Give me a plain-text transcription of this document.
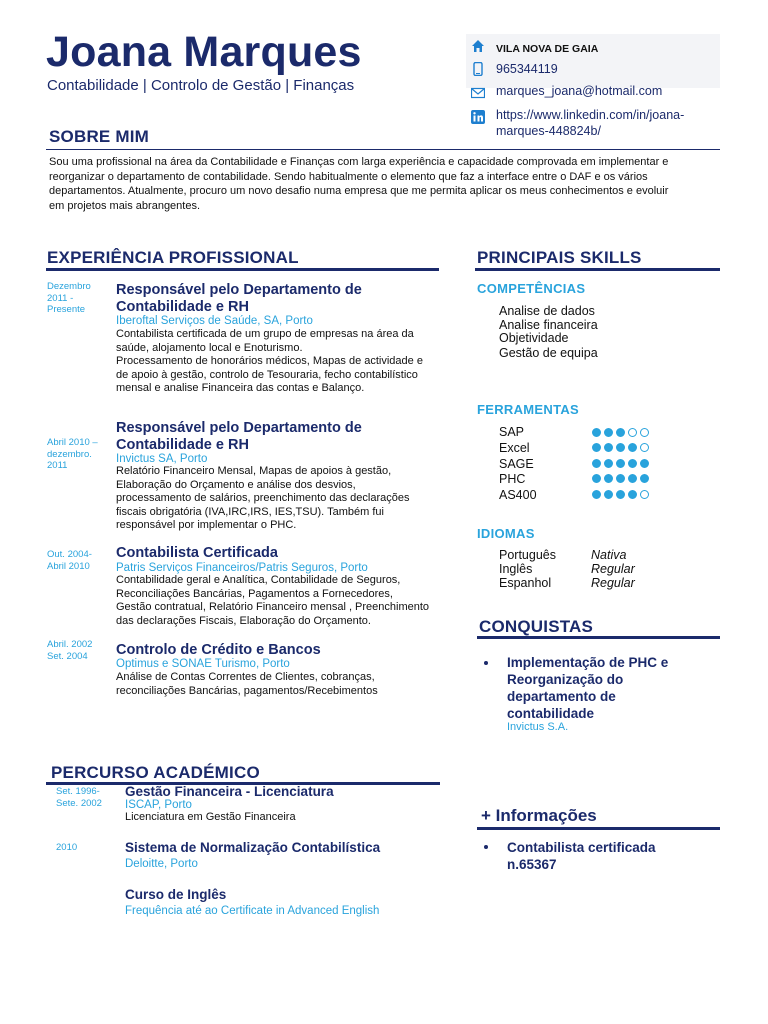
Joana Marques
Contabilidade | Controlo de Gestão | Finanças
VILA NOVA DE GAIA
965344119
marques_joana@hotmail.com
https://www.linkedin.com/in/joana-
marques-448824b/
SOBRE MIM
Sou uma profissional na área da Contabilidade e Finanças com larga experiência e capacidade comprovada em implementar e
reorganizar o departamento de contabilidade. Sendo habitualmente o elemento que faz a interface entre o DAF e os vários
departamentos. Atualmente, procuro um novo desafio numa empresa que me permita aplicar os meus conhecimentos e evoluir
em projetos mais abrangentes.
EXPERIÊNCIA PROFISSIONAL
Dezembro
2011 -
Presente
Responsável pelo Departamento de
Contabilidade e RH
Iberoftal Serviços de Saúde, SA, Porto
Contabilista certificada de um grupo de empresas na área da
saúde, alojamento local e Enoturismo.
Processamento de honorários médicos, Mapas de actividade e
de apoio à gestão, controlo de Tesouraria, fecho contabilístico
mensal e analise Financeira das contas e Balanço.
Abril 2010 –
dezembro.
2011
Responsável pelo Departamento de
Contabilidade e RH
Invictus SA, Porto
Relatório Financeiro Mensal, Mapas de apoios à gestão,
Elaboração do Orçamento e análise dos desvios,
processamento de salários, preenchimento das declarações
fiscais obrigatória (IVA,IRC,IRS, IES,TSU). Também fui
responsável por implementar o PHC.
Out. 2004-
Abril 2010
Contabilista Certificada
Patris Serviços Financeiros/Patris Seguros, Porto
Contabilidade geral e Analítica, Contabilidade de Seguros,
Reconciliações Bancárias, Pagamentos a Fornecedores,
Gestão contratual, Relatório Financeiro mensal , Preenchimento
das declarações Fiscais, Elaboração do Orçamento.
Abril. 2002
Set. 2004	Controlo de Crédito e Bancos
Optimus e SONAE Turismo, Porto
Análise de Contas Correntes de Clientes, cobranças,
reconciliações Bancárias, pagamentos/Recebimentos
PERCURSO ACADÉMICO
Set. 1996-
Sete. 2002
Gestão Financeira - Licenciatura
ISCAP, Porto
Licenciatura em Gestão Financeira
2010	Sistema de Normalização Contabilística
Deloitte, Porto
Curso de Inglês
Frequência até ao Certificate in Advanced English
PRINCIPAIS SKILLS
COMPETÊNCIAS
Analise de dados
Analise financeira
Objetividade
Gestão de equipa
FERRAMENTAS
SAP
Excel
SAGE
PHC
AS400
IDIOMAS
Português
Inglês
Espanhol
Nativa
Regular
Regular
CONQUISTAS
Implementação de PHC e
Reorganização do
departamento de
contabilidade
Invictus S.A.
+ Informações
Contabilista certificada
n.65367
